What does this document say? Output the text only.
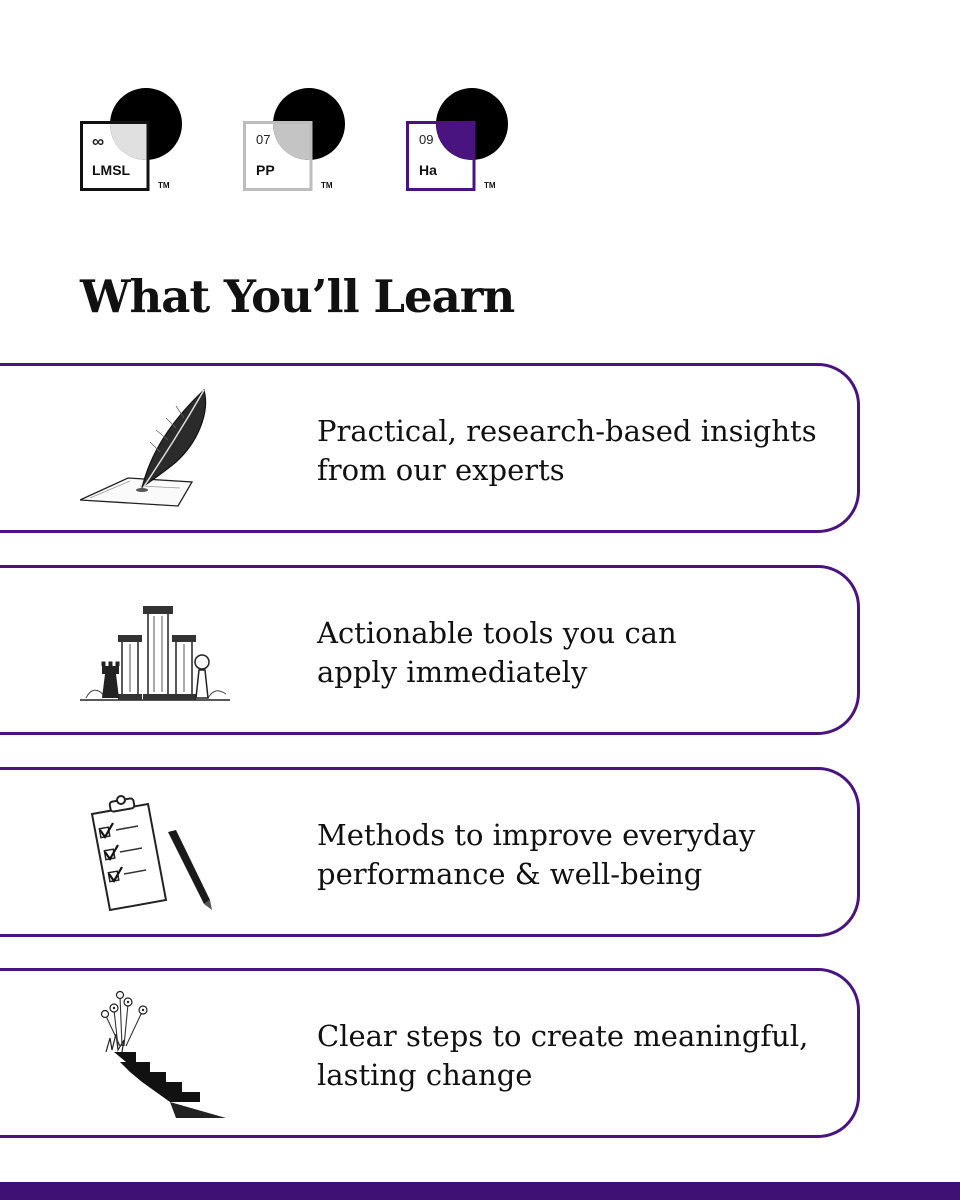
∞
LMSL
TM
07
PP
TM
09
Ha
TM
What You’ll Learn
Practical, research-based insights
from our experts
Actionable tools you can
apply immediately
Methods to improve everyday
performance & well-being
Clear steps to create meaningful,
lasting change
